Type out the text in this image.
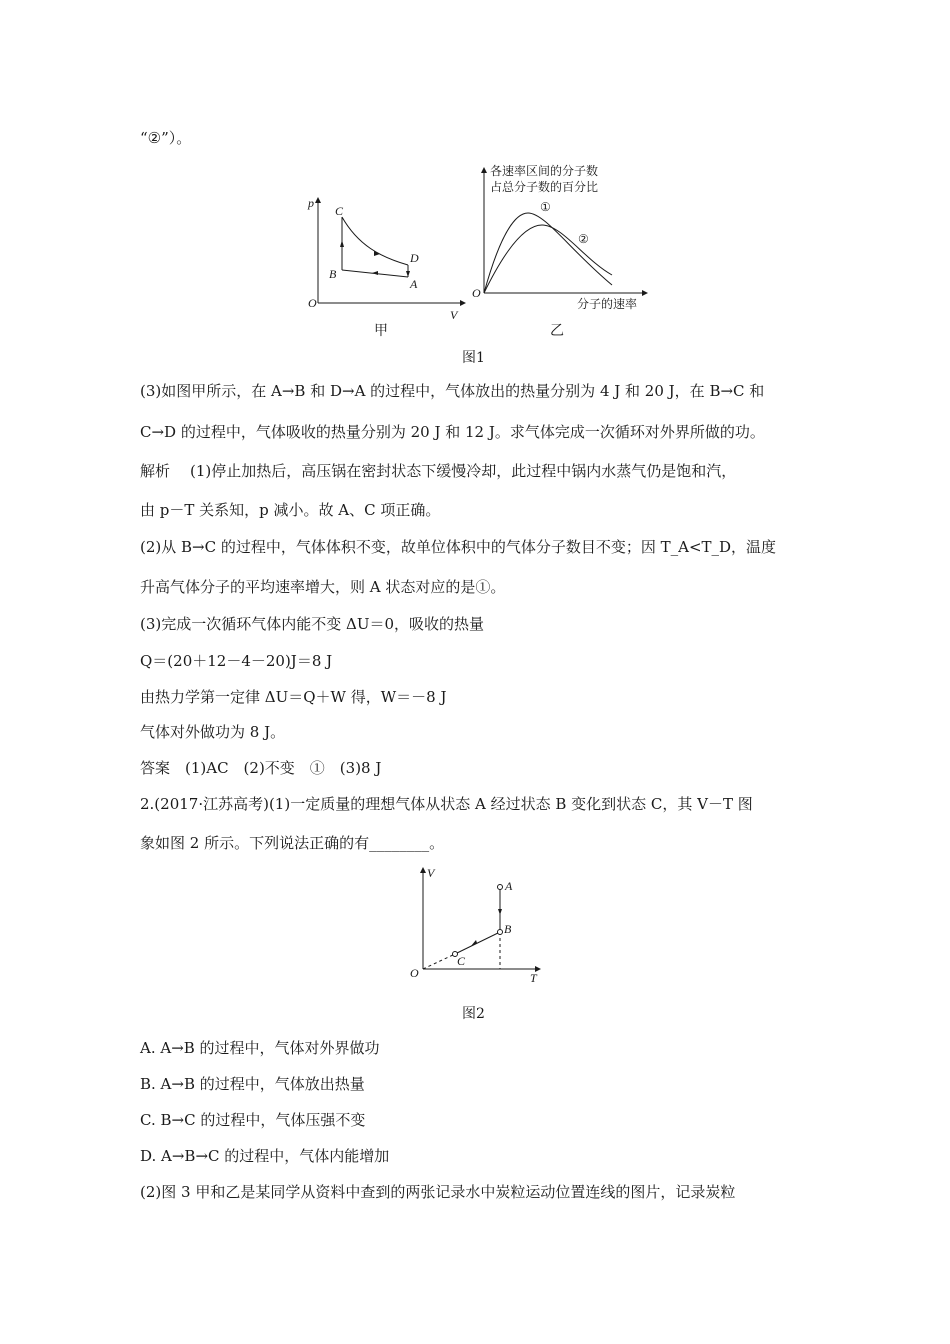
“②”）。
p
V
O
C
D
B
A
甲
各速率区间的分子数
占总分子数的百分比
O
①
②
分子的速率
乙
图1
(3)如图甲所示，在 A→B 和 D→A 的过程中，气体放出的热量分别为 4 J 和 20 J，在 B→C 和
C→D 的过程中，气体吸收的热量分别为 20 J 和 12 J。求气体完成一次循环对外界所做的功。
解析 (1)停止加热后，高压锅在密封状态下缓慢冷却，此过程中锅内水蒸气仍是饱和汽，
由 p－T 关系知，p 减小。故 A、C 项正确。
(2)从 B→C 的过程中，气体体积不变，故单位体积中的气体分子数目不变；因 T_A<T_D，温度
升高气体分子的平均速率增大，则 A 状态对应的是①。
(3)完成一次循环气体内能不变 ΔU＝0，吸收的热量
Q＝(20＋12－4－20)J＝8 J
由热力学第一定律 ΔU＝Q＋W 得，W＝－8 J
气体对外做功为 8 J。
答案　(1)AC　(2)不变　①　(3)8 J
2.(2017·江苏高考)(1)一定质量的理想气体从状态 A 经过状态 B 变化到状态 C，其 V－T 图
象如图 2 所示。下列说法正确的有________。
V
T
O
A
B
C
图2
A. A→B 的过程中，气体对外界做功
B. A→B 的过程中，气体放出热量
C. B→C 的过程中，气体压强不变
D. A→B→C 的过程中，气体内能增加
(2)图 3 甲和乙是某同学从资料中查到的两张记录水中炭粒运动位置连线的图片，记录炭粒
